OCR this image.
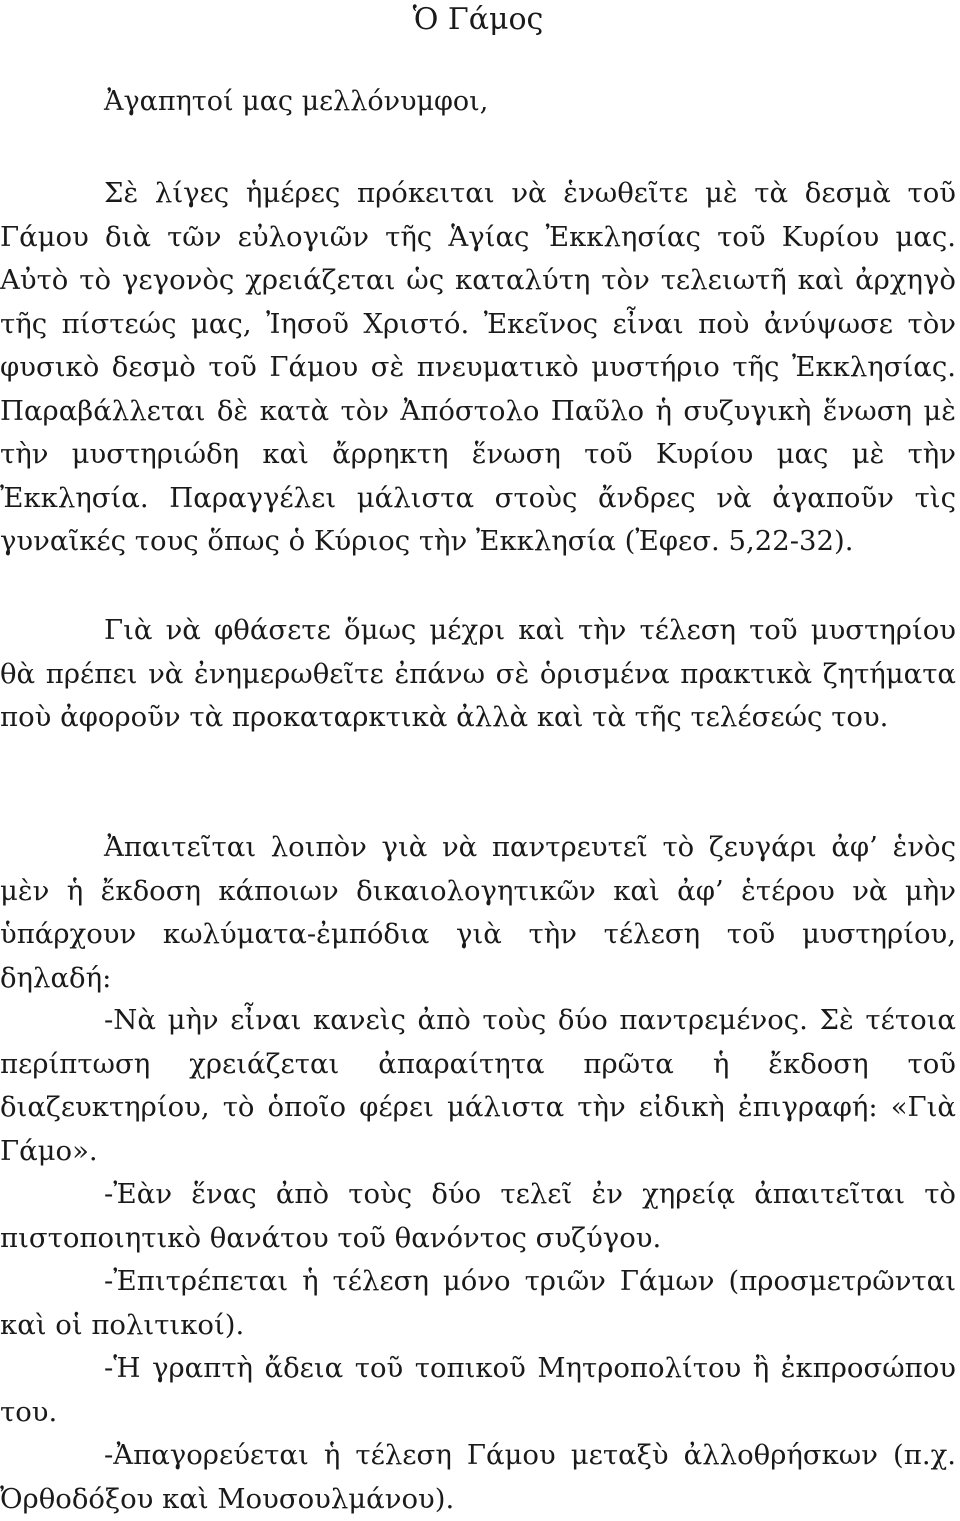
Ὁ Γάμος
Ἀγαπητοί μας μελλόνυμφοι,

Σὲ λίγες ἡμέρες πρόκειται νὰ ἑνωθεῖτε μὲ τὰ δεσμὰ τοῦ Γάμου διὰ τῶν εὐλογιῶν τῆς Ἁγίας Ἐκκλησίας τοῦ Κυρίου μας. Αὐτὸ τὸ γεγονὸς χρειάζεται ὡς καταλύτη τὸν τελειωτῆ καὶ ἀρχηγὸ τῆς πίστεώς μας, Ἰησοῦ Χριστό. Ἐκεῖνος εἶναι ποὺ ἀνύψωσε τὸν φυσικὸ δεσμὸ τοῦ Γάμου σὲ πνευματικὸ μυστήριο τῆς Ἐκκλησίας. Παραβάλλεται δὲ κατὰ τὸν Ἀπόστολο Παῦλο ἡ συζυγικὴ ἕνωση μὲ τὴν μυστηριώδη καὶ ἄρρηκτη ἕνωση τοῦ Κυρίου μας μὲ τὴν Ἐκκλησία. Παραγγέλει μάλιστα στοὺς ἄνδρες νὰ ἀγαποῦν τὶς γυναῖκές τους ὅπως ὁ Κύριος τὴν Ἐκκλησία (Ἐφεσ. 5,22-32).

Γιὰ νὰ φθάσετε ὅμως μέχρι καὶ τὴν τέλεση τοῦ μυστηρίου θὰ πρέπει νὰ ἐνημερωθεῖτε ἐπάνω σὲ ὁρισμένα πρακτικὰ ζητήματα ποὺ ἀφοροῦν τὰ προκαταρκτικὰ ἀλλὰ καὶ τὰ τῆς τελέσεώς του.

Ἀπαιτεῖται λοιπὸν γιὰ νὰ παντρευτεῖ τὸ ζευγάρι ἀφ’ ἑνὸς μὲν ἡ ἔκδοση κάποιων δικαιολογητικῶν καὶ ἀφ’ ἑτέρου νὰ μὴν ὑπάρχουν κωλύματα-ἐμπόδια γιὰ τὴν τέλεση τοῦ μυστηρίου, δηλαδή:

-Νὰ μὴν εἶναι κανεὶς ἀπὸ τοὺς δύο παντρεμένος. Σὲ τέτοια περίπτωση χρειάζεται ἀπαραίτητα πρῶτα ἡ ἔκδοση τοῦ διαζευκτηρίου, τὸ ὁποῖο φέρει μάλιστα τὴν εἰδικὴ ἐπιγραφή: «Γιὰ Γάμο».

-Ἐὰν ἕνας ἀπὸ τοὺς δύο τελεῖ ἐν χηρείᾳ ἀπαιτεῖται τὸ πιστοποιητικὸ θανάτου τοῦ θανόντος συζύγου.

-Ἐπιτρέπεται ἡ τέλεση μόνο τριῶν Γάμων (προσμετρῶνται καὶ οἱ πολιτικοί).

-Ἡ γραπτὴ ἄδεια τοῦ τοπικοῦ Μητροπολίτου ἢ ἐκπροσώπου του.

-Ἀπαγορεύεται ἡ τέλεση Γάμου μεταξὺ ἀλλοθρήσκων (π.χ. Ὀρθοδόξου καὶ Μουσουλμάνου).
